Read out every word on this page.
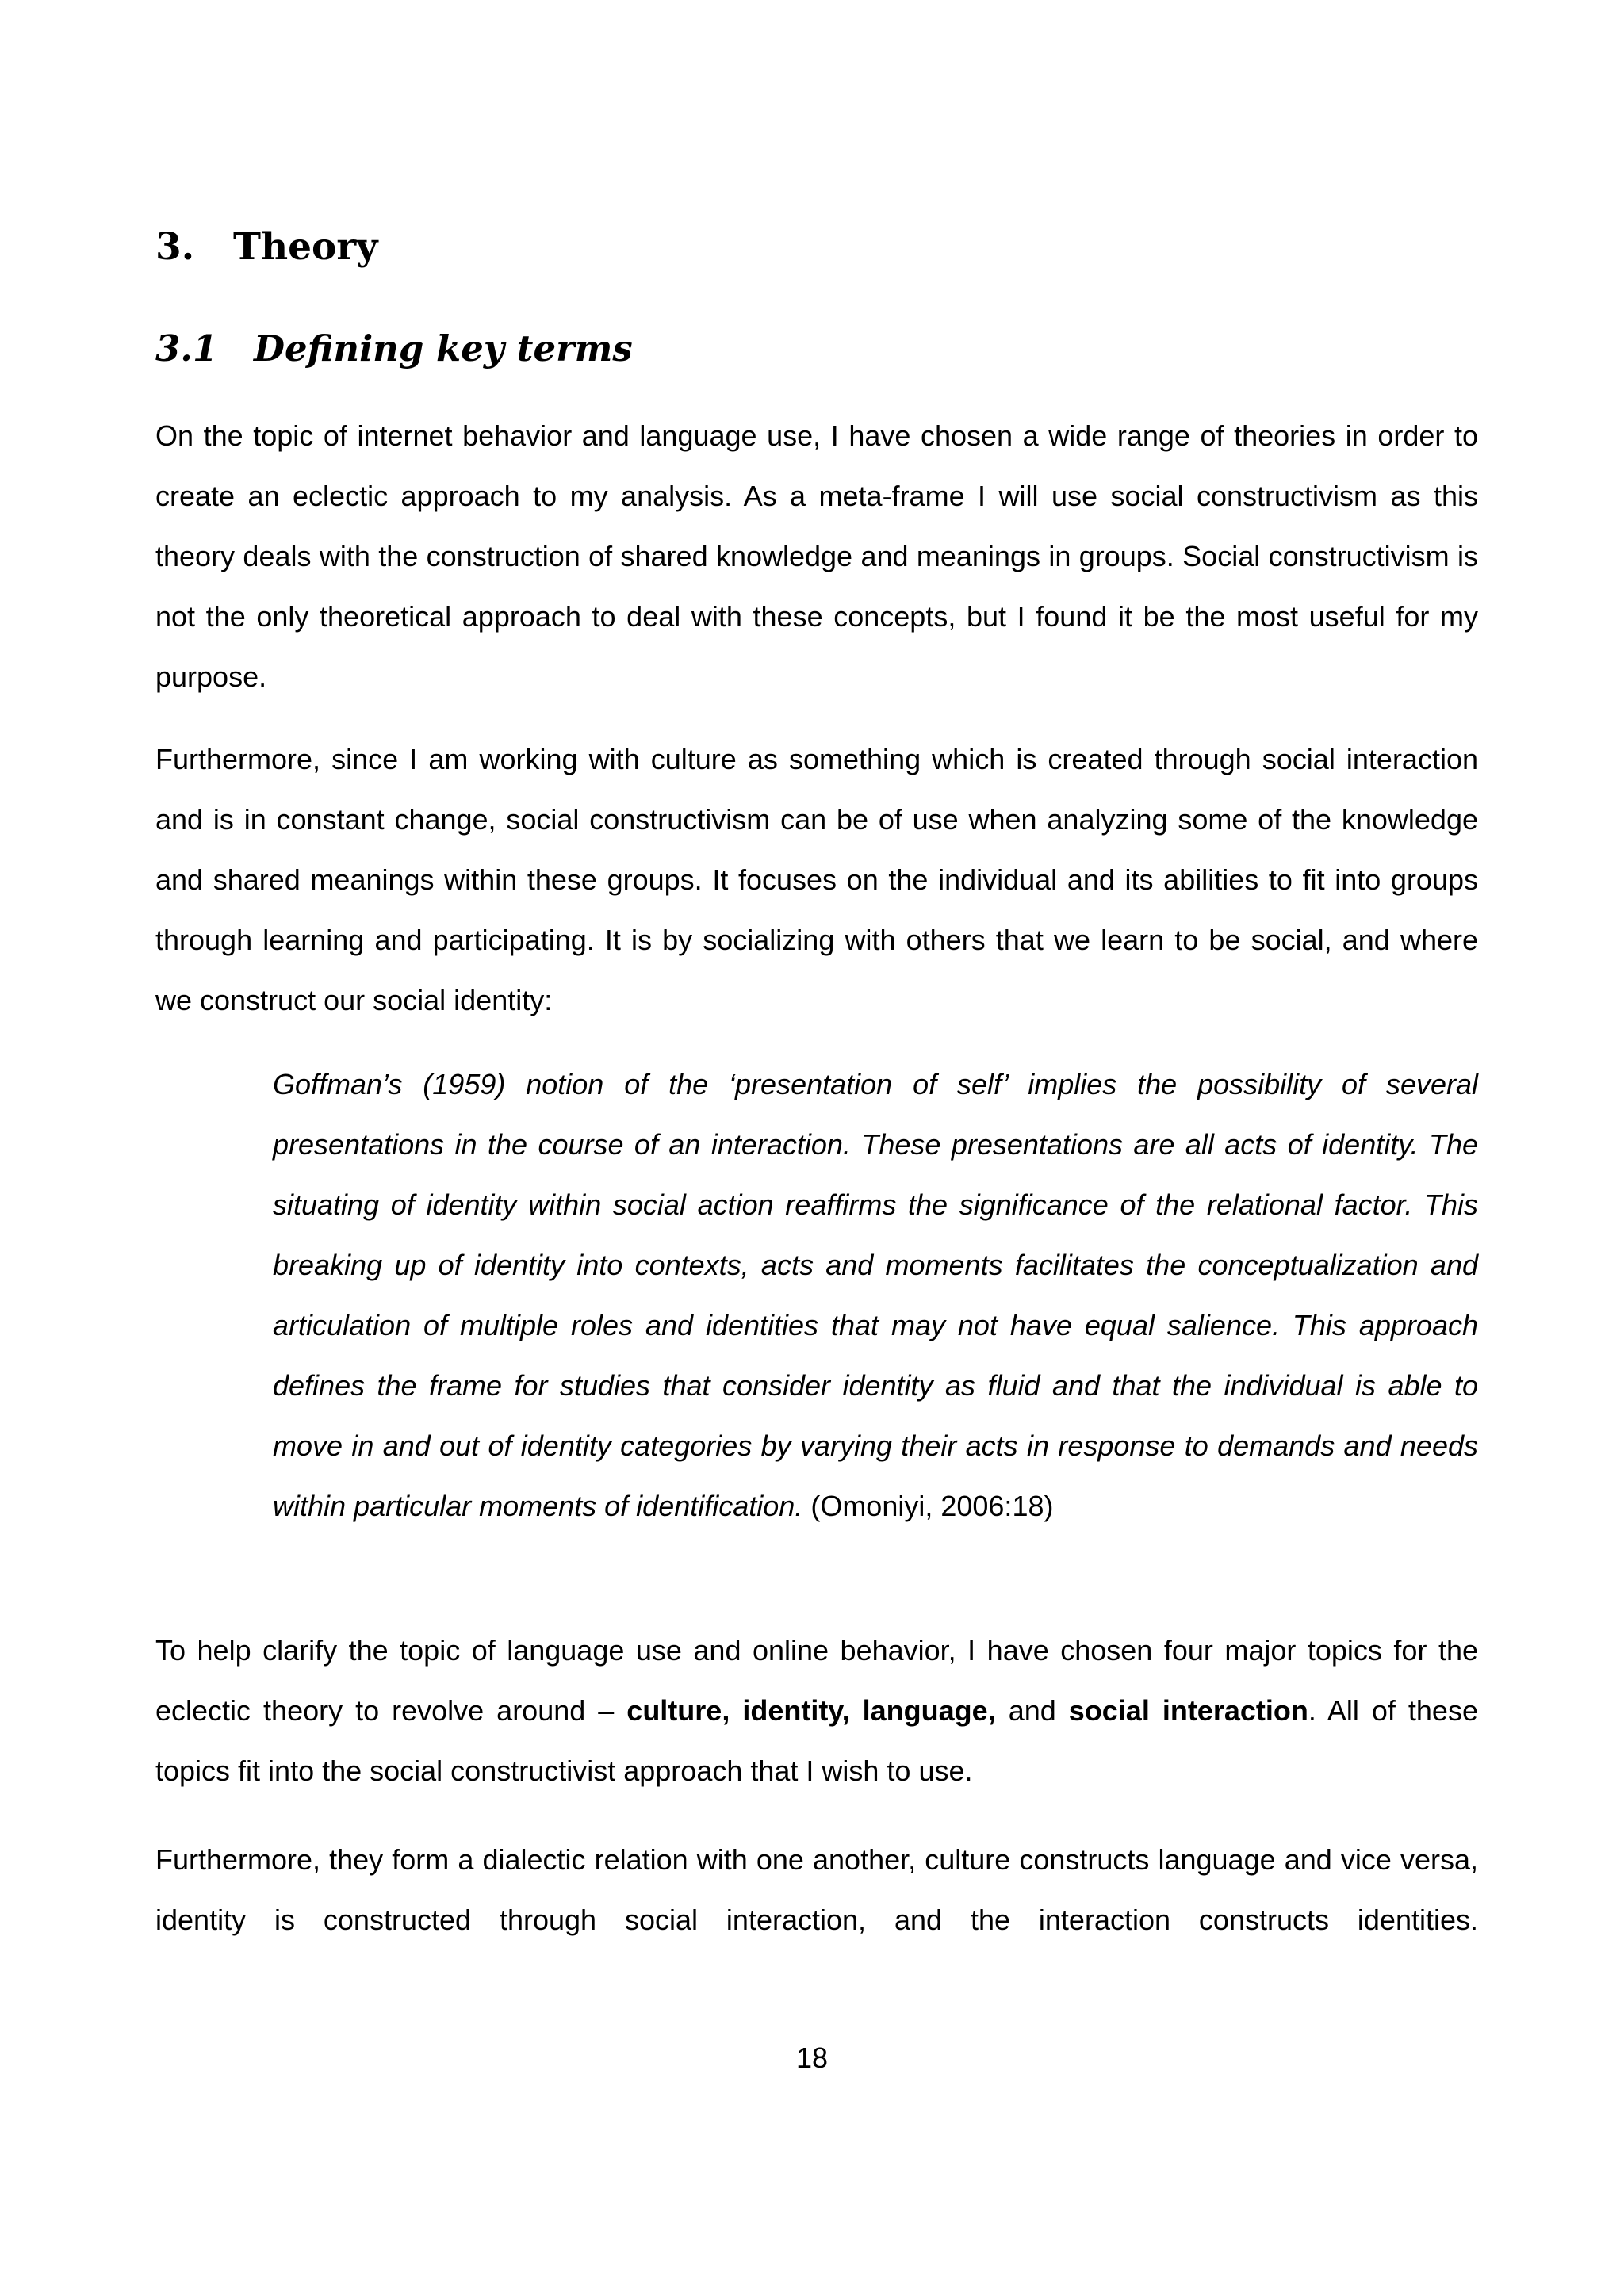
3. Theory
3.1 Defining key terms

On the topic of internet behavior and language use, I have chosen a wide range of theories in order to create an eclectic approach to my analysis. As a meta-frame I will use social constructivism as this theory deals with the construction of shared knowledge and meanings in groups. Social constructivism is not the only theoretical approach to deal with these concepts, but I found it be the most useful for my purpose.

Furthermore, since I am working with culture as something which is created through social interaction and is in constant change, social constructivism can be of use when analyzing some of the knowledge and shared meanings within these groups. It focuses on the individual and its abilities to fit into groups through learning and participating. It is by socializing with others that we learn to be social, and where we construct our social identity:

Goffman’s (1959) notion of the ‘presentation of self’ implies the possibility of several presentations in the course of an interaction. These presentations are all acts of identity. The situating of identity within social action reaffirms the significance of the relational factor. This breaking up of identity into contexts, acts and moments facilitates the conceptualization and articulation of multiple roles and identities that may not have equal salience. This approach defines the frame for studies that consider identity as fluid and that the individual is able to move in and out of identity categories by varying their acts in response to demands and needs within particular moments of identification. (Omoniyi, 2006:18)

To help clarify the topic of language use and online behavior, I have chosen four major topics for the eclectic theory to revolve around – culture, identity, language, and social interaction. All of these topics fit into the social constructivist approach that I wish to use.

Furthermore, they form a dialectic relation with one another, culture constructs language and vice versa, identity is constructed through social interaction, and the interaction constructs identities.

18
